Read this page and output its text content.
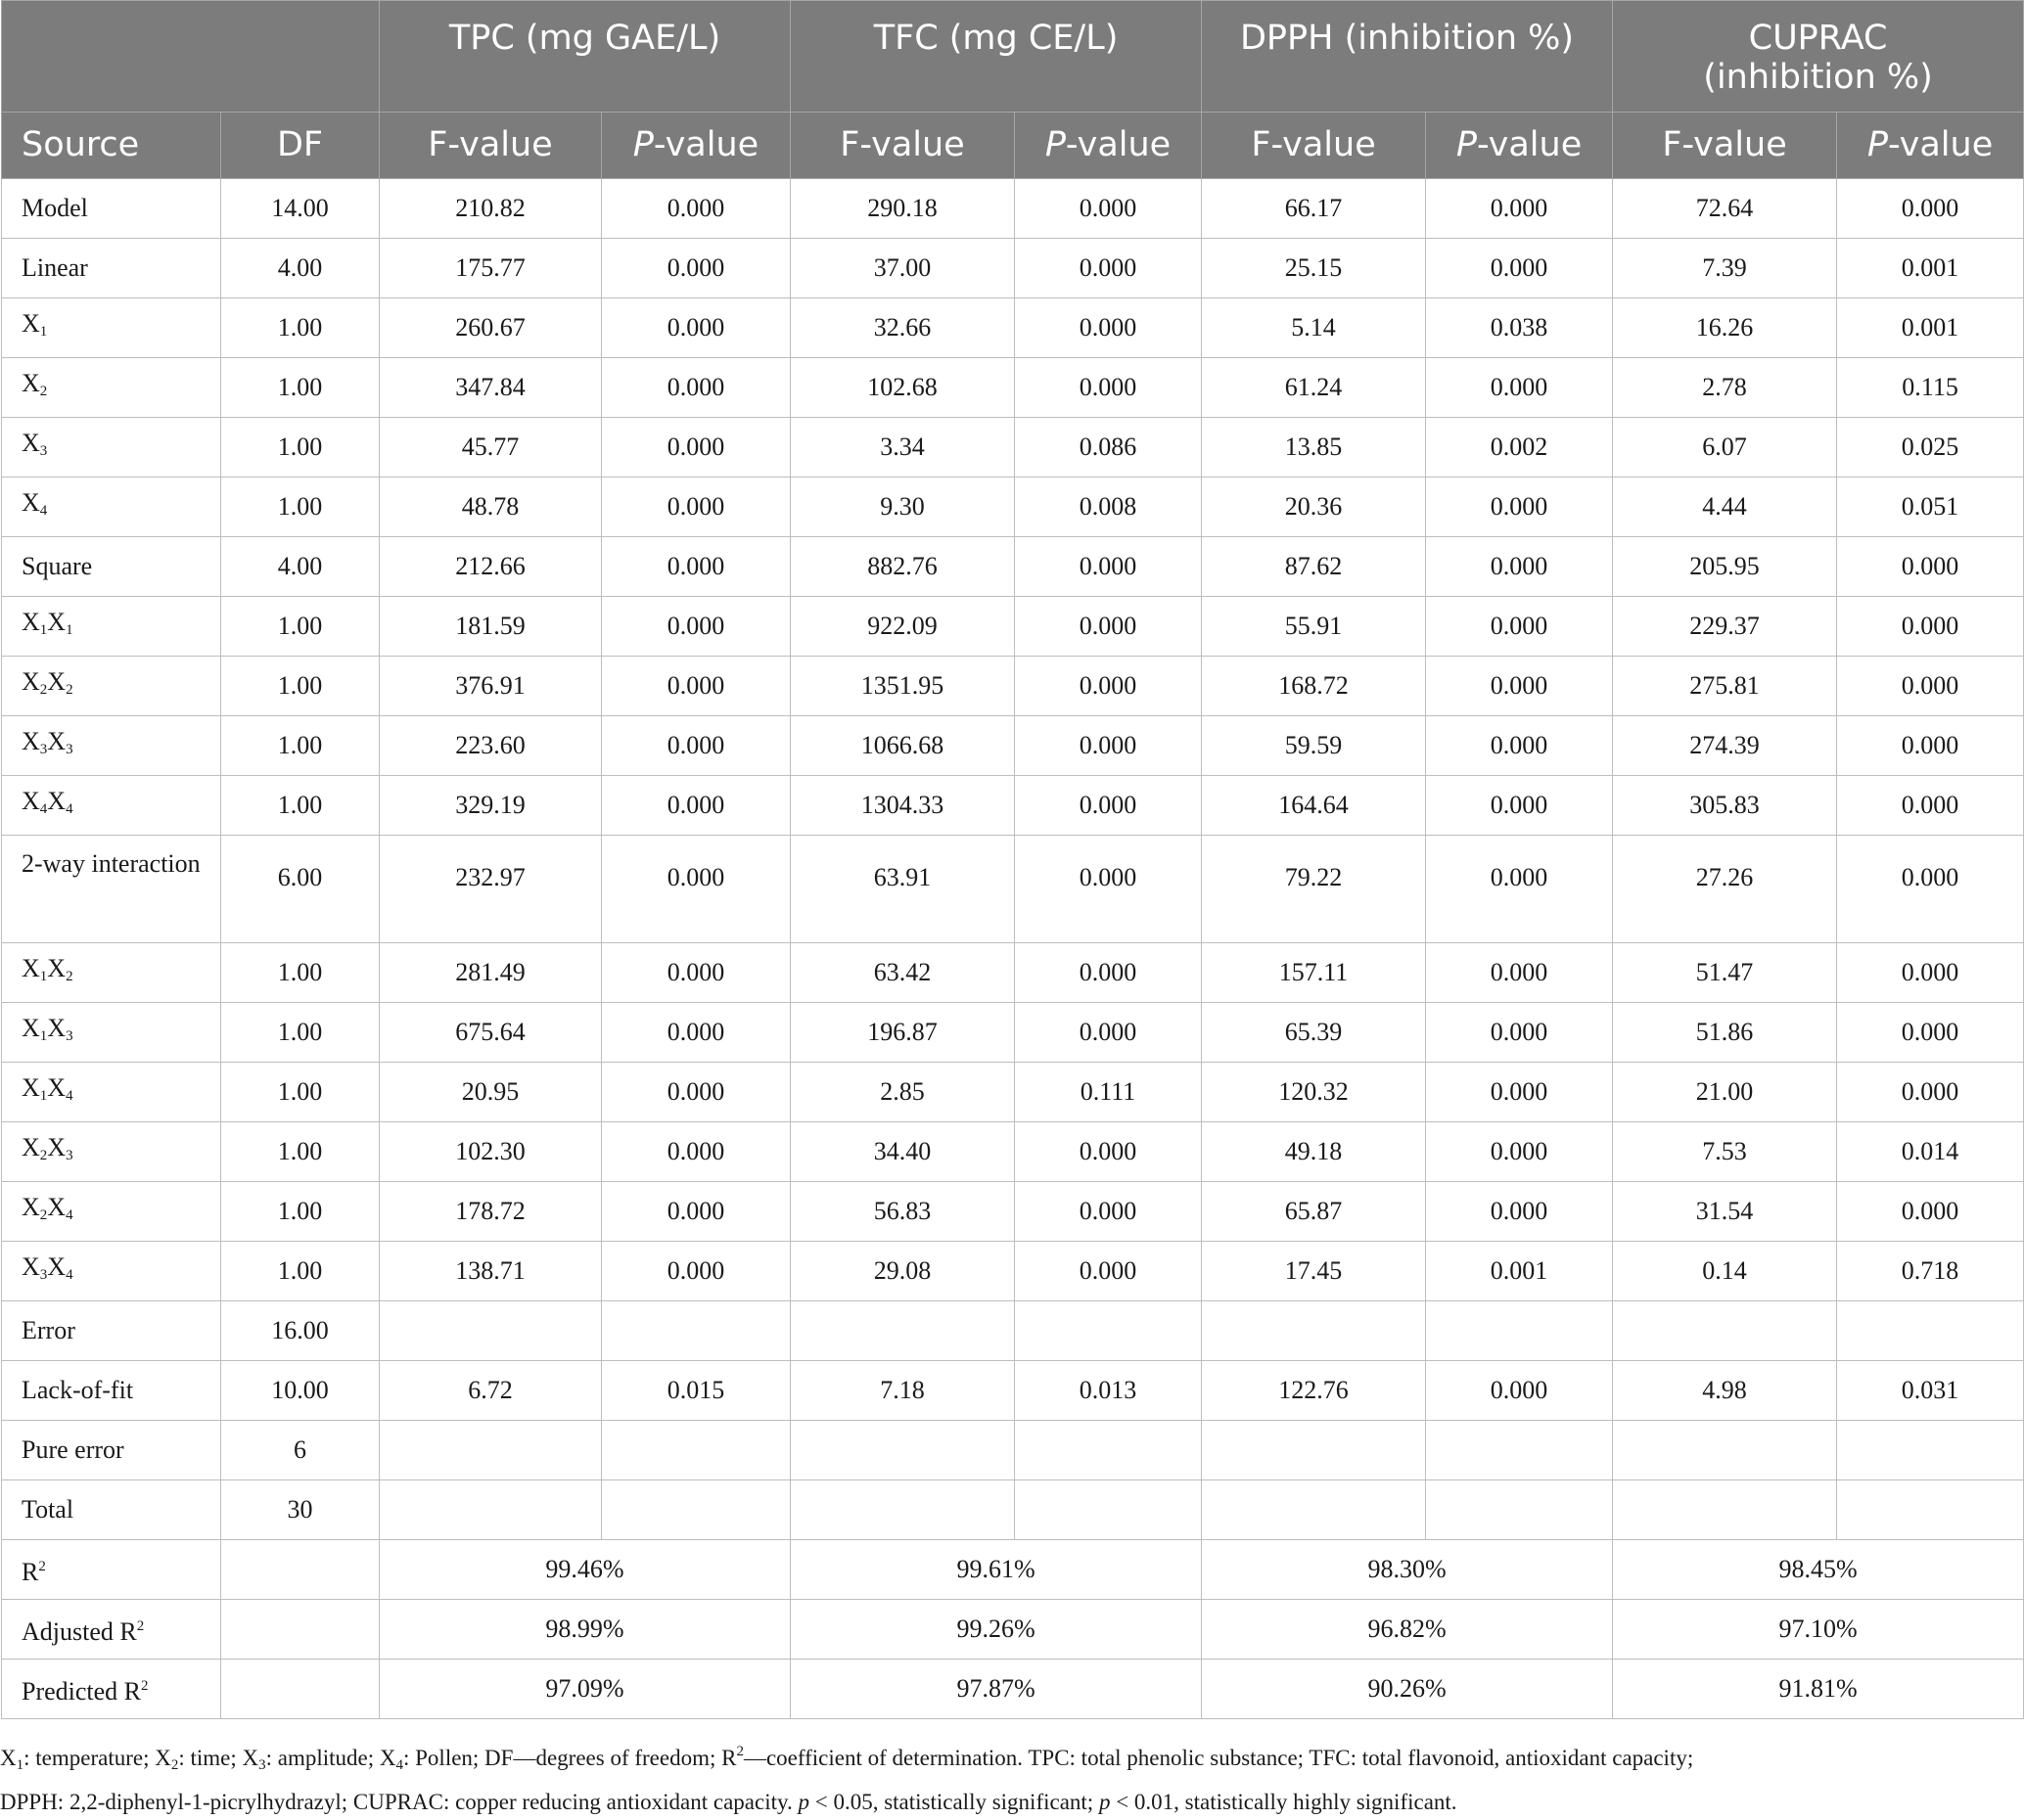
		TPC (mg GAE/L)		TFC (mg CE/L)		DPPH (inhibition %)		CUPRAC (inhibition %)	
Source	DF	F-value	P-value	F-value	P-value	F-value	P-value	F-value	P-value
Model	14.00	210.82	0.000	290.18	0.000	66.17	0.000	72.64	0.000
Linear	4.00	175.77	0.000	37.00	0.000	25.15	0.000	7.39	0.001
$X_1$	1.00	260.67	0.000	32.66	0.000	5.14	0.038	16.26	0.001
$X_2$	1.00	347.84	0.000	102.68	0.000	61.24	0.000	2.78	0.115
$X_3$	1.00	45.77	0.000	3.34	0.086	13.85	0.002	6.07	0.025
$X_4$	1.00	48.78	0.000	9.30	0.008	20.36	0.000	4.44	0.051
Square	4.00	212.66	0.000	882.76	0.000	87.62	0.000	205.95	0.000
$X_1X_1$	1.00	181.59	0.000	922.09	0.000	55.91	0.000	229.37	0.000
$X_2X_2$	1.00	376.91	0.000	1351.95	0.000	168.72	0.000	275.81	0.000
$X_3X_3$	1.00	223.60	0.000	1066.68	0.000	59.59	0.000	274.39	0.000
$X_4X_4$	1.00	329.19	0.000	1304.33	0.000	164.64	0.000	305.83	0.000
2-way interaction	6.00	232.97	0.000	63.91	0.000	79.22	0.000	27.26	0.000
$X_1X_2$	1.00	281.49	0.000	63.42	0.000	157.11	0.000	51.47	0.000
$X_1X_3$	1.00	675.64	0.000	196.87	0.000	65.39	0.000	51.86	0.000
$X_1X_4$	1.00	20.95	0.000	2.85	0.111	120.32	0.000	21.00	0.000
$X_2X_3$	1.00	102.30	0.000	34.40	0.000	49.18	0.000	7.53	0.014
$X_2X_4$	1.00	178.72	0.000	56.83	0.000	65.87	0.000	31.54	0.000
$X_3X_4$	1.00	138.71	0.000	29.08	0.000	17.45	0.001	0.14	0.718
Error	16.00								
Lack-of-fit	10.00	6.72	0.015	7.18	0.013	122.76	0.000	4.98	0.031
Pure error	6								
Total	30								
$R^2$		99.46%		99.61%		98.30%		98.45%	
Adjusted $R^2$		98.99%		99.26%		96.82%		97.10%	
Predicted $R^2$		97.09%		97.87%		90.26%		91.81%	

$X_1$: temperature; $X_2$: time; $X_3$: amplitude; $X_4$: Pollen; DF—degrees of freedom; $R^2—coefficient$ of determination. TPC: total phenolic substance; TFC: total flavonoid, antioxidant capacity;

DPPH: 2,2-diphenyl-1-picrylhydrazyl; CUPRAC: copper reducing antioxidant capacity. p < 0.05, statistically significant; p < 0.01, statistically highly significant.
